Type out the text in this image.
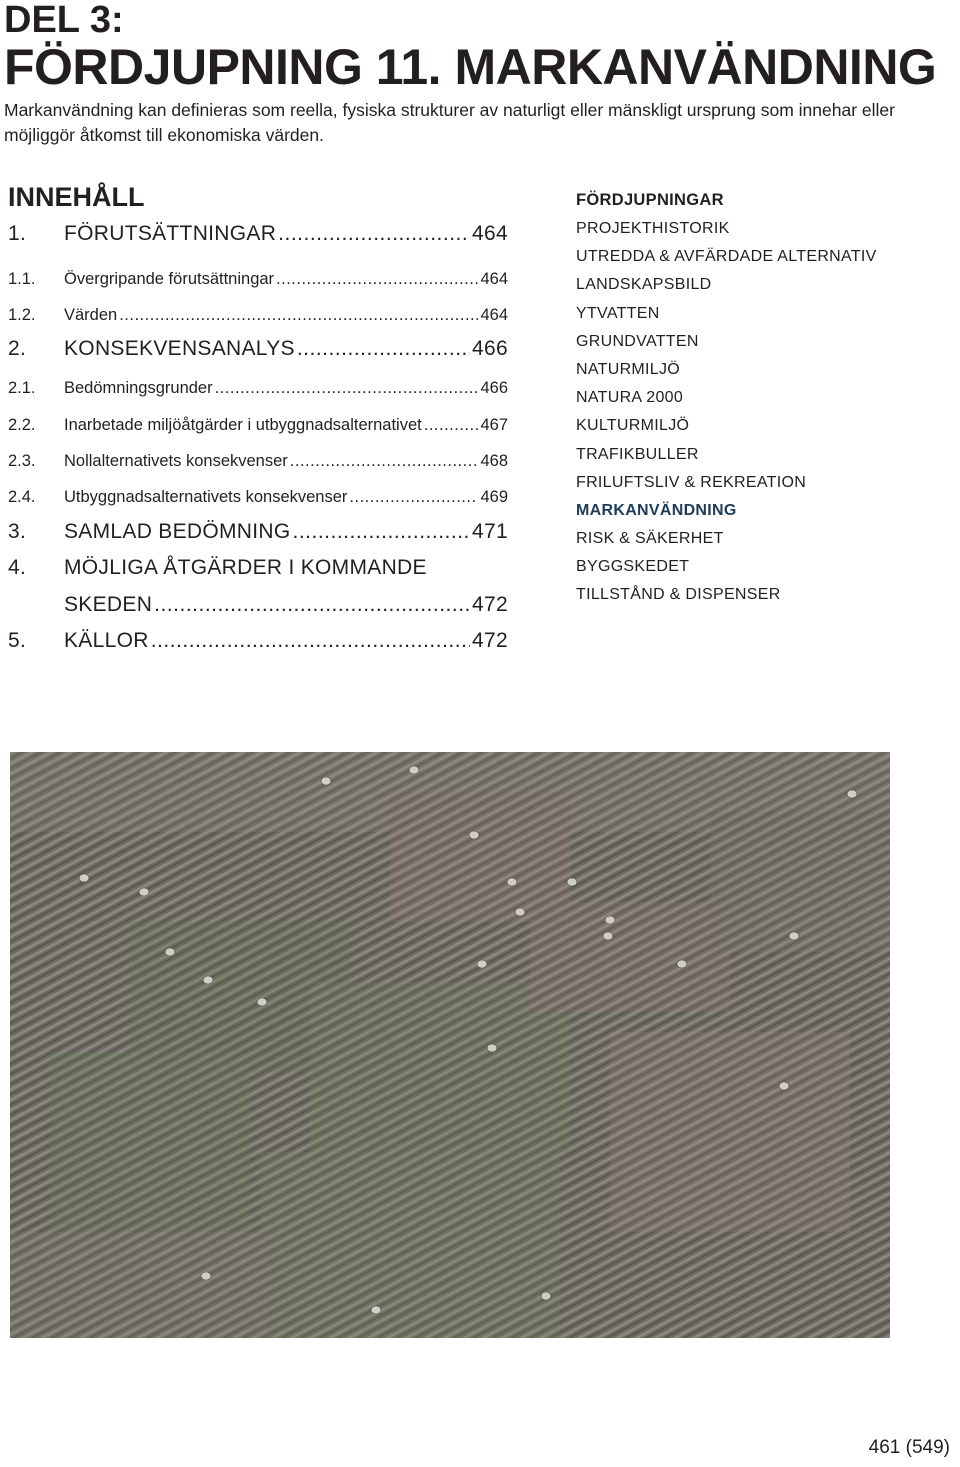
DEL 3:
FÖRDJUPNING 11. MARKANVÄNDNING
Markanvändning kan definieras som reella, fysiska strukturer av naturligt eller mänskligt ursprung som innehar eller möjliggör åtkomst till ekonomiska värden.
INNEHÅLL
1.	FÖRUTSÄTTNINGAR .....	464
1.1.	Övergripande förutsättningar .....	464
1.2.	Värden .....	464
2.	KONSEKVENSANALYS .....	466
2.1.	Bedömningsgrunder .....	466
2.2.	Inarbetade miljöåtgärder i utbyggnadsalternativet .....	467
2.3.	Nollalternativets konsekvenser .....	468
2.4.	Utbyggnadsalternativets konsekvenser .....	469
3.	SAMLAD BEDÖMNING .....	471
4.	MÖJLIGA ÅTGÄRDER I KOMMANDE
SKEDEN .....	472
5.	KÄLLOR .....	472
FÖRDJUPNINGAR
PROJEKTHISTORIK
UTREDDA & AVFÄRDADE ALTERNATIV
LANDSKAPSBILD
YTVATTEN
GRUNDVATTEN
NATURMILJÖ
NATURA 2000
KULTURMILJÖ
TRAFIKBULLER
FRILUFTSLIV & REKREATION
MARKANVÄNDNING
RISK & SÄKERHET
BYGGSKEDET
TILLSTÅND & DISPENSER
461 (549)
